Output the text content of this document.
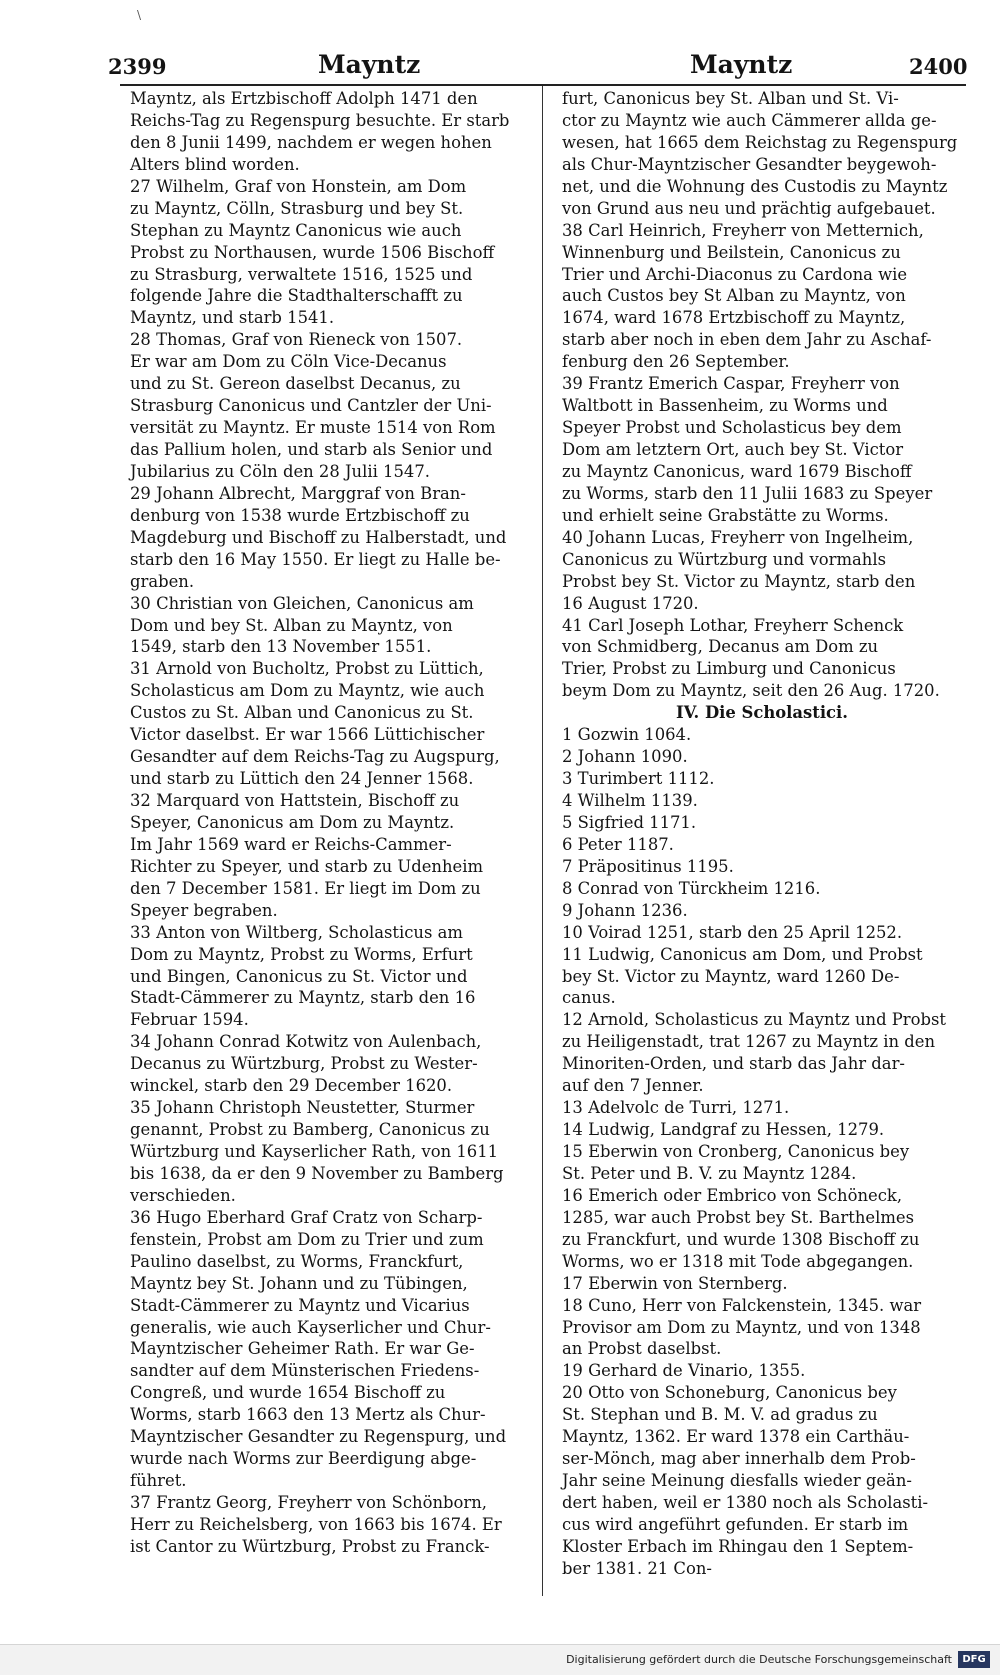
\
2399	Mayntz	Mayntz	2400
Mayntz, als Ertzbischoff Adolph 1471 den
Reichs-Tag zu Regenspurg besuchte. Er starb
den 8 Junii 1499, nachdem er wegen hohen
Alters blind worden.
27 Wilhelm, Graf von Honstein, am Dom
zu Mayntz, Cölln, Strasburg und bey St.
Stephan zu Mayntz Canonicus wie auch
Probst zu Northausen, wurde 1506 Bischoff
zu Strasburg, verwaltete 1516, 1525 und
folgende Jahre die Stadthalterschafft zu
Mayntz, und starb 1541.
28 Thomas, Graf von Rieneck von 1507.
Er war am Dom zu Cöln Vice-Decanus
und zu St. Gereon daselbst Decanus, zu
Strasburg Canonicus und Cantzler der Uni-
versität zu Mayntz. Er muste 1514 von Rom
das Pallium holen, und starb als Senior und
Jubilarius zu Cöln den 28 Julii 1547.
29 Johann Albrecht, Marggraf von Bran-
denburg von 1538 wurde Ertzbischoff zu
Magdeburg und Bischoff zu Halberstadt, und
starb den 16 May 1550. Er liegt zu Halle be-
graben.
30 Christian von Gleichen, Canonicus am
Dom und bey St. Alban zu Mayntz, von
1549, starb den 13 November 1551.
31 Arnold von Bucholtz, Probst zu Lüttich,
Scholasticus am Dom zu Mayntz, wie auch
Custos zu St. Alban und Canonicus zu St.
Victor daselbst. Er war 1566 Lüttichischer
Gesandter auf dem Reichs-Tag zu Augspurg,
und starb zu Lüttich den 24 Jenner 1568.
32 Marquard von Hattstein, Bischoff zu
Speyer, Canonicus am Dom zu Mayntz.
Im Jahr 1569 ward er Reichs-Cammer-
Richter zu Speyer, und starb zu Udenheim
den 7 December 1581. Er liegt im Dom zu
Speyer begraben.
33 Anton von Wiltberg, Scholasticus am
Dom zu Mayntz, Probst zu Worms, Erfurt
und Bingen, Canonicus zu St. Victor und
Stadt-Cämmerer zu Mayntz, starb den 16
Februar 1594.
34 Johann Conrad Kotwitz von Aulenbach,
Decanus zu Würtzburg, Probst zu Wester-
winckel, starb den 29 December 1620.
35 Johann Christoph Neustetter, Sturmer
genannt, Probst zu Bamberg, Canonicus zu
Würtzburg und Kayserlicher Rath, von 1611
bis 1638, da er den 9 November zu Bamberg
verschieden.
36 Hugo Eberhard Graf Cratz von Scharp-
fenstein, Probst am Dom zu Trier und zum
Paulino daselbst, zu Worms, Franckfurt,
Mayntz bey St. Johann und zu Tübingen,
Stadt-Cämmerer zu Mayntz und Vicarius
generalis, wie auch Kayserlicher und Chur-
Mayntzischer Geheimer Rath. Er war Ge-
sandter auf dem Münsterischen Friedens-
Congreß, und wurde 1654 Bischoff zu
Worms, starb 1663 den 13 Mertz als Chur-
Mayntzischer Gesandter zu Regenspurg, und
wurde nach Worms zur Beerdigung abge-
führet.
37 Frantz Georg, Freyherr von Schönborn,
Herr zu Reichelsberg, von 1663 bis 1674. Er
ist Cantor zu Würtzburg, Probst zu Franck-
furt, Canonicus bey St. Alban und St. Vi-
ctor zu Mayntz wie auch Cämmerer allda ge-
wesen, hat 1665 dem Reichstag zu Regenspurg
als Chur-Mayntzischer Gesandter beygewoh-
net, und die Wohnung des Custodis zu Mayntz
von Grund aus neu und prächtig aufgebauet.
38 Carl Heinrich, Freyherr von Metternich,
Winnenburg und Beilstein, Canonicus zu
Trier und Archi-Diaconus zu Cardona wie
auch Custos bey St Alban zu Mayntz, von
1674, ward 1678 Ertzbischoff zu Mayntz,
starb aber noch in eben dem Jahr zu Aschaf-
fenburg den 26 September.
39 Frantz Emerich Caspar, Freyherr von
Waltbott in Bassenheim, zu Worms und
Speyer Probst und Scholasticus bey dem
Dom am letztern Ort, auch bey St. Victor
zu Mayntz Canonicus, ward 1679 Bischoff
zu Worms, starb den 11 Julii 1683 zu Speyer
und erhielt seine Grabstätte zu Worms.
40 Johann Lucas, Freyherr von Ingelheim,
Canonicus zu Würtzburg und vormahls
Probst bey St. Victor zu Mayntz, starb den
16 August 1720.
41 Carl Joseph Lothar, Freyherr Schenck
von Schmidberg, Decanus am Dom zu
Trier, Probst zu Limburg und Canonicus
beym Dom zu Mayntz, seit den 26 Aug. 1720.
IV. Die Scholastici.
1 Gozwin 1064.
2 Johann 1090.
3 Turimbert 1112.
4 Wilhelm 1139.
5 Sigfried 1171.
6 Peter 1187.
7 Präpositinus 1195.
8 Conrad von Türckheim 1216.
9 Johann 1236.
10 Voirad 1251, starb den 25 April 1252.
11 Ludwig, Canonicus am Dom, und Probst
bey St. Victor zu Mayntz, ward 1260 De-
canus.
12 Arnold, Scholasticus zu Mayntz und Probst
zu Heiligenstadt, trat 1267 zu Mayntz in den
Minoriten-Orden, und starb das Jahr dar-
auf den 7 Jenner.
13 Adelvolc de Turri, 1271.
14 Ludwig, Landgraf zu Hessen, 1279.
15 Eberwin von Cronberg, Canonicus bey
St. Peter und B. V. zu Mayntz 1284.
16 Emerich oder Embrico von Schöneck,
1285, war auch Probst bey St. Barthelmes
zu Franckfurt, und wurde 1308 Bischoff zu
Worms, wo er 1318 mit Tode abgegangen.
17 Eberwin von Sternberg.
18 Cuno, Herr von Falckenstein, 1345. war
Provisor am Dom zu Mayntz, und von 1348
an Probst daselbst.
19 Gerhard de Vinario, 1355.
20 Otto von Schoneburg, Canonicus bey
St. Stephan und B. M. V. ad gradus zu
Mayntz, 1362. Er ward 1378 ein Carthäu-
ser-Mönch, mag aber innerhalb dem Prob-
Jahr seine Meinung diesfalls wieder geän-
dert haben, weil er 1380 noch als Scholasti-
cus wird angeführt gefunden. Er starb im
Kloster Erbach im Rhingau den 1 Septem-
ber 1381. 21 Con-
Digitalisierung gefördert durch die Deutsche Forschungsgemeinschaft	DFG
